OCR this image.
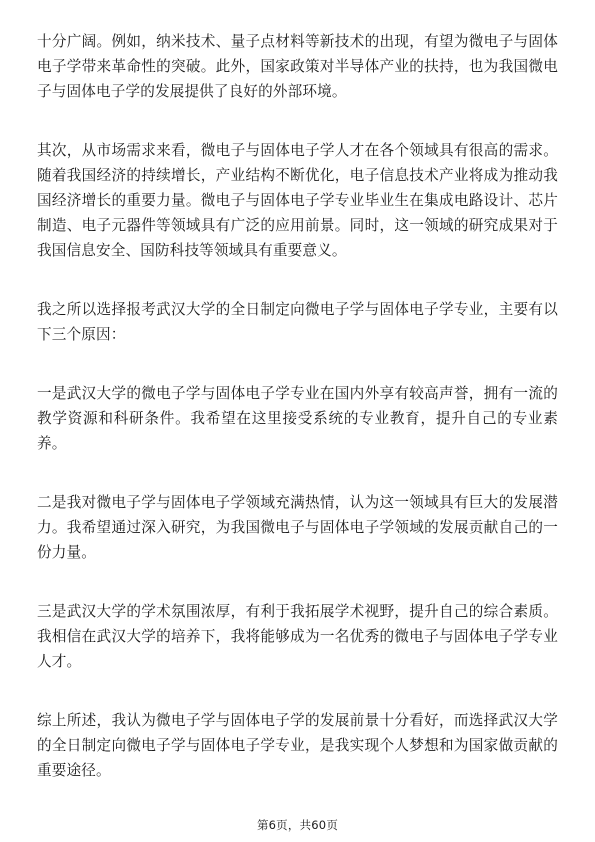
十分广阔。例如，纳米技术、量子点材料等新技术的出现，有望为微电子与固体电子学带来革命性的突破。此外，国家政策对半导体产业的扶持，也为我国微电子与固体电子学的发展提供了良好的外部环境。

其次，从市场需求来看，微电子与固体电子学人才在各个领域具有很高的需求。随着我国经济的持续增长，产业结构不断优化，电子信息技术产业将成为推动我国经济增长的重要力量。微电子与固体电子学专业毕业生在集成电路设计、芯片制造、电子元器件等领域具有广泛的应用前景。同时，这一领域的研究成果对于我国信息安全、国防科技等领域具有重要意义。

我之所以选择报考武汉大学的全日制定向微电子学与固体电子学专业，主要有以下三个原因：

一是武汉大学的微电子学与固体电子学专业在国内外享有较高声誉，拥有一流的教学资源和科研条件。我希望在这里接受系统的专业教育，提升自己的专业素养。

二是我对微电子学与固体电子学领域充满热情，认为这一领域具有巨大的发展潜力。我希望通过深入研究，为我国微电子与固体电子学领域的发展贡献自己的一份力量。

三是武汉大学的学术氛围浓厚，有利于我拓展学术视野，提升自己的综合素质。我相信在武汉大学的培养下，我将能够成为一名优秀的微电子与固体电子学专业人才。

综上所述，我认为微电子学与固体电子学的发展前景十分看好，而选择武汉大学的全日制定向微电子学与固体电子学专业，是我实现个人梦想和为国家做贡献的重要途径。

第6页，共60页
